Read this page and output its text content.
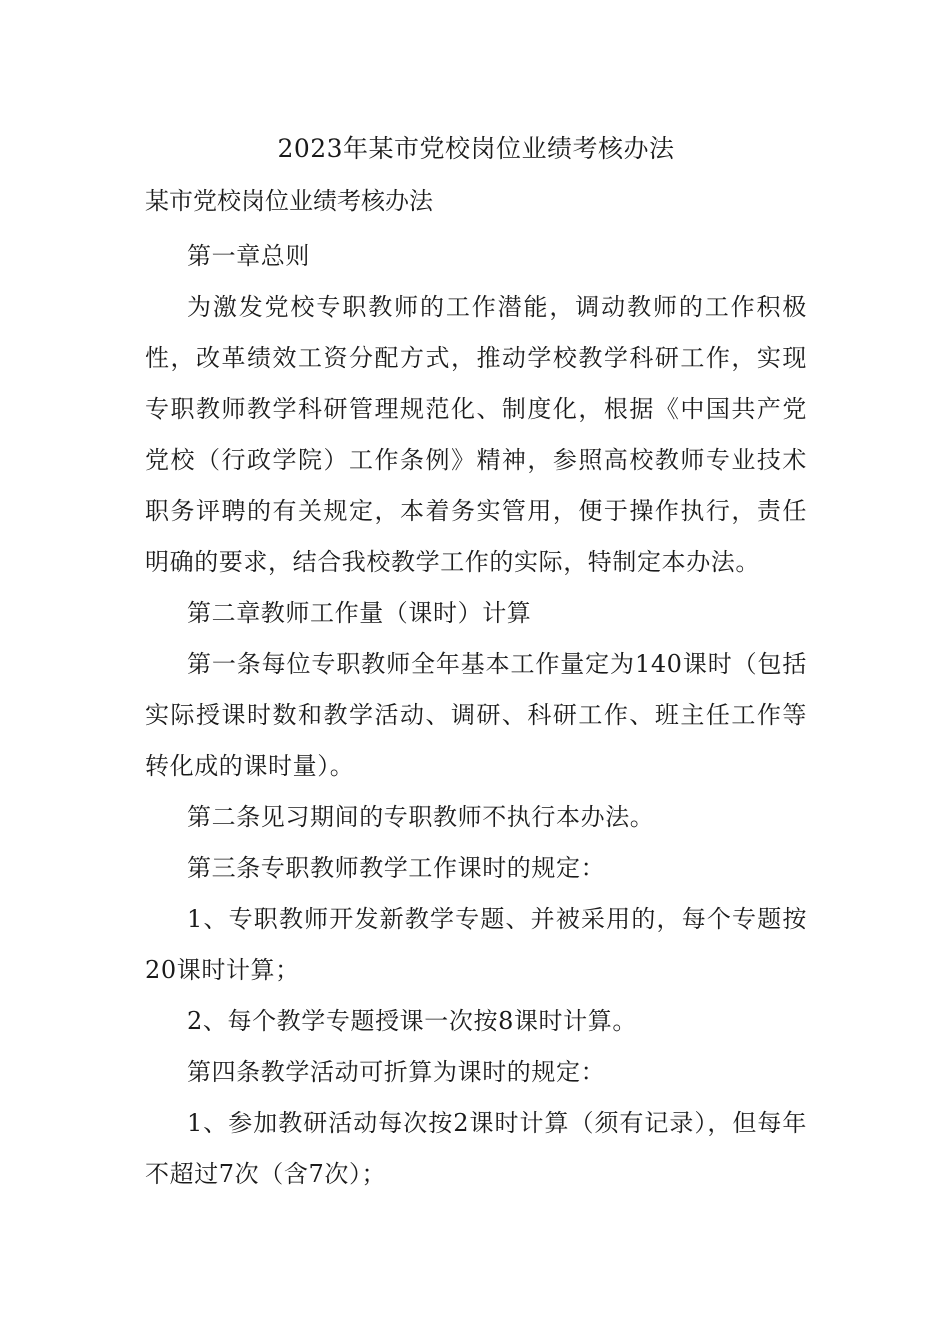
2023年某市党校岗位业绩考核办法
某市党校岗位业绩考核办法

第一章总则

为激发党校专职教师的工作潜能，调动教师的工作积极性，改革绩效工资分配方式，推动学校教学科研工作，实现专职教师教学科研管理规范化、制度化，根据《中国共产党党校（行政学院）工作条例》精神，参照高校教师专业技术职务评聘的有关规定，本着务实管用，便于操作执行，责任明确的要求，结合我校教学工作的实际，特制定本办法。

第二章教师工作量（课时）计算

第一条每位专职教师全年基本工作量定为140课时（包括实际授课时数和教学活动、调研、科研工作、班主任工作等转化成的课时量）。

第二条见习期间的专职教师不执行本办法。

第三条专职教师教学工作课时的规定：

1、专职教师开发新教学专题、并被采用的，每个专题按20课时计算；

2、每个教学专题授课一次按8课时计算。

第四条教学活动可折算为课时的规定：

1、参加教研活动每次按2课时计算（须有记录），但每年不超过7次（含7次）；
